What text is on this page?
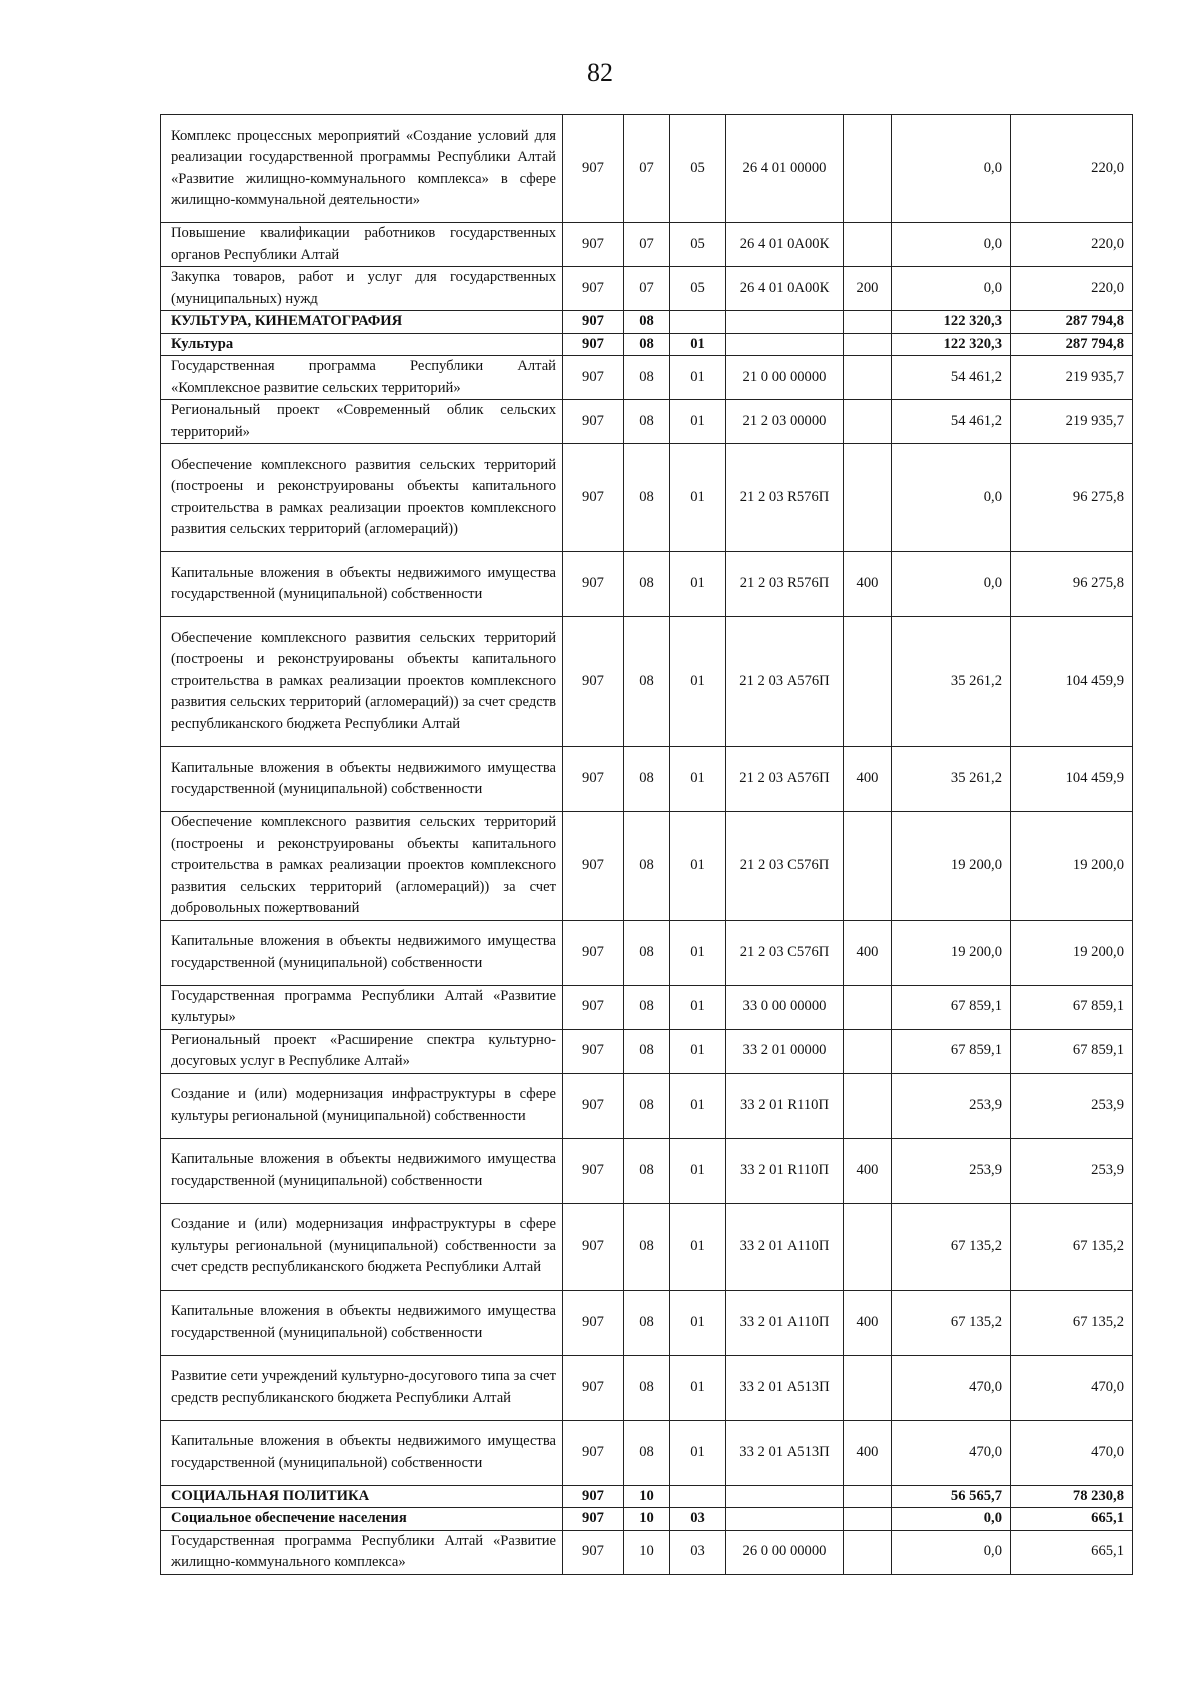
82
Комплекс процессных мероприятий «Создание условий для реализации государственной программы Республики Алтай «Развитие жилищно-коммунального комплекса» в сфере жилищно-коммунальной деятельности»	907	07	05	26 4 01 00000		0,0	220,0
Повышение квалификации работников государственных органов Республики Алтай	907	07	05	26 4 01 0А00К		0,0	220,0
Закупка товаров, работ и услуг для государственных (муниципальных) нужд	907	07	05	26 4 01 0А00К	200	0,0	220,0
КУЛЬТУРА, КИНЕМАТОГРАФИЯ	907	08				122 320,3	287 794,8
Культура	907	08	01			122 320,3	287 794,8
Государственная программа Республики Алтай «Комплексное развитие сельских территорий»	907	08	01	21 0 00 00000		54 461,2	219 935,7
Региональный проект «Современный облик сельских территорий»	907	08	01	21 2 03 00000		54 461,2	219 935,7
Обеспечение комплексного развития сельских территорий (построены и реконструированы объекты капитального строительства в рамках реализации проектов комплексного развития сельских территорий (агломераций))	907	08	01	21 2 03 R576П		0,0	96 275,8
Капитальные вложения в объекты недвижимого имущества государственной (муниципальной) собственности	907	08	01	21 2 03 R576П	400	0,0	96 275,8
Обеспечение комплексного развития сельских территорий (построены и реконструированы объекты капитального строительства в рамках реализации проектов комплексного развития сельских территорий (агломераций)) за счет средств республиканского бюджета Республики Алтай	907	08	01	21 2 03 А576П		35 261,2	104 459,9
Капитальные вложения в объекты недвижимого имущества государственной (муниципальной) собственности	907	08	01	21 2 03 А576П	400	35 261,2	104 459,9
Обеспечение комплексного развития сельских территорий (построены и реконструированы объекты капитального строительства в рамках реализации проектов комплексного развития сельских территорий (агломераций)) за счет добровольных пожертвований	907	08	01	21 2 03 С576П		19 200,0	19 200,0
Капитальные вложения в объекты недвижимого имущества государственной (муниципальной) собственности	907	08	01	21 2 03 С576П	400	19 200,0	19 200,0
Государственная программа Республики Алтай «Развитие культуры»	907	08	01	33 0 00 00000		67 859,1	67 859,1
Региональный проект «Расширение спектра культурно-досуговых услуг в Республике Алтай»	907	08	01	33 2 01 00000		67 859,1	67 859,1
Создание и (или) модернизация инфраструктуры в сфере культуры региональной (муниципальной) собственности	907	08	01	33 2 01 R110П		253,9	253,9
Капитальные вложения в объекты недвижимого имущества государственной (муниципальной) собственности	907	08	01	33 2 01 R110П	400	253,9	253,9
Создание и (или) модернизация инфраструктуры в сфере культуры региональной (муниципальной) собственности за счет средств республиканского бюджета Республики Алтай	907	08	01	33 2 01 А110П		67 135,2	67 135,2
Капитальные вложения в объекты недвижимого имущества государственной (муниципальной) собственности	907	08	01	33 2 01 А110П	400	67 135,2	67 135,2
Развитие сети учреждений культурно-досугового типа за счет средств республиканского бюджета Республики Алтай	907	08	01	33 2 01 А513П		470,0	470,0
Капитальные вложения в объекты недвижимого имущества государственной (муниципальной) собственности	907	08	01	33 2 01 А513П	400	470,0	470,0
СОЦИАЛЬНАЯ ПОЛИТИКА	907	10				56 565,7	78 230,8
Социальное обеспечение населения	907	10	03			0,0	665,1
Государственная программа Республики Алтай «Развитие жилищно-коммунального комплекса»	907	10	03	26 0 00 00000		0,0	665,1
